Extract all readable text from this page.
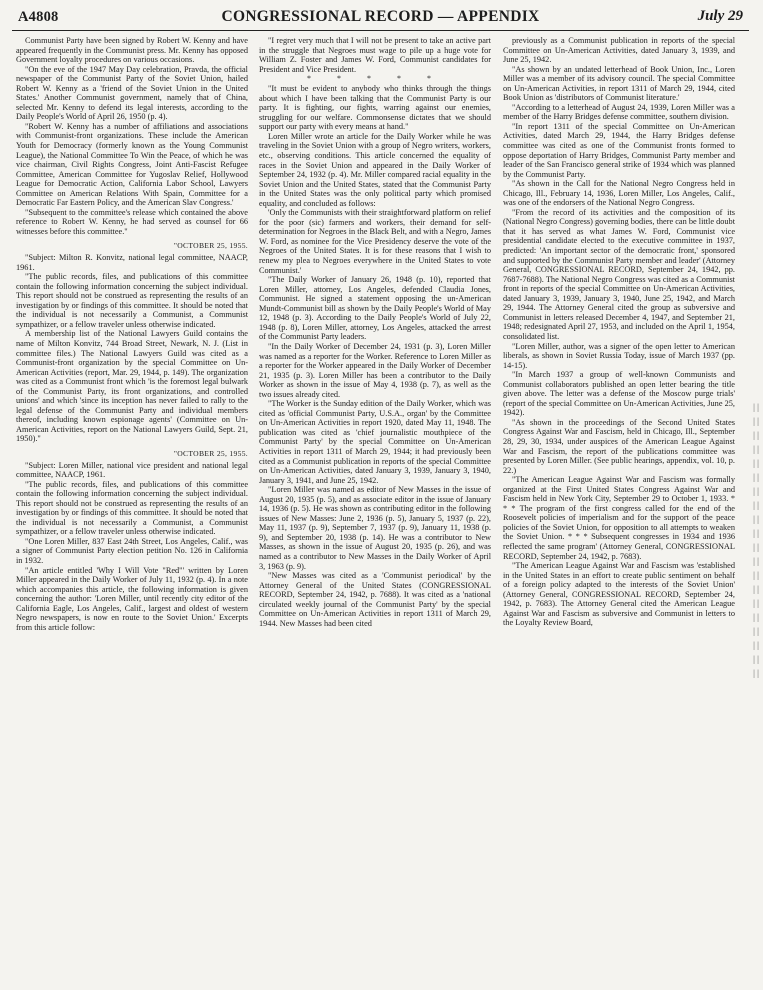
A4808	CONGRESSIONAL RECORD — APPENDIX	July 29

Communist Party have been signed by Robert W. Kenny and have appeared frequently in the Communist press. Mr. Kenny has opposed Government loyalty procedures on various occasions.

"On the eve of the 1947 May Day celebration, Pravda, the official newspaper of the Communist Party of the Soviet Union, hailed Robert W. Kenny as a 'friend of the Soviet Union in the United States.' Another Communist government, namely that of China, selected Mr. Kenny to defend its legal interests, according to the Daily People's World of April 26, 1950 (p. 4).

"Robert W. Kenny has a number of affiliations and associations with Communist-front organizations. These include the American Youth for Democracy (formerly known as the Young Communist League), the National Committee To Win the Peace, of which he was vice chairman, Civil Rights Congress, Joint Anti-Fascist Refugee Committee, American Committee for Yugoslav Relief, Hollywood League for Democratic Action, California Labor School, Lawyers Committee on American Relations With Spain, Committee for a Democratic Far Eastern Policy, and the American Slav Congress.'

"Subsequent to the committee's release which contained the above reference to Robert W. Kenny, he had served as counsel for 66 witnesses before this committee."

"OCTOBER 25, 1955.

"Subject: Milton R. Konvitz, national legal committee, NAACP, 1961.

"The public records, files, and publications of this committee contain the following information concerning the subject individual. This report should not be construed as representing the results of an investigation by or findings of this committee. It should be noted that the individual is not necessarily a Communist, a Communist sympathizer, or a fellow traveler unless otherwise indicated.

A membership list of the National Lawyers Guild contains the name of Milton Konvitz, 744 Broad Street, Newark, N. J. (List in committee files.) The National Lawyers Guild was cited as a Communist-front organization by the special Committee on Un-American Activities (report, Mar. 29, 1944, p. 149). The organization was cited as a Communist front which 'is the foremost legal bulwark of the Communist Party, its front organizations, and controlled unions' and which 'since its inception has never failed to rally to the legal defense of the Communist Party and individual members thereof, including known espionage agents' (Committee on Un-American Activities, report on the National Lawyers Guild, Sept. 21, 1950)."

"OCTOBER 25, 1955.

"Subject: Loren Miller, national vice president and national legal committee, NAACP, 1961.

"The public records, files, and publications of this committee contain the following information concerning the subject individual. This report should not be construed as representing the results of an investigation by or findings of this committee. It should be noted that the individual is not necessarily a Communist, a Communist sympathizer, or a fellow traveler unless otherwise indicated.

"One Loren Miller, 837 East 24th Street, Los Angeles, Calif., was a signer of Communist Party election petition No. 126 in California in 1932.

"An article entitled 'Why I Will Vote "Red"' written by Loren Miller appeared in the Daily Worker of July 11, 1932 (p. 4). In a note which accompanies this article, the following information is given concerning the author: 'Loren Miller, until recently city editor of the California Eagle, Los Angeles, Calif., largest and oldest of western Negro newspapers, is now en route to the Soviet Union.' Excerpts from this article follow:

"I regret very much that I will not be present to take an active part in the struggle that Negroes must wage to pile up a huge vote for William Z. Foster and James W. Ford, Communist candidates for President and Vice President.

* * * * *

"It must be evident to anybody who thinks through the things about which I have been talking that the Communist Party is our party. It is fighting, our fights, warring against our enemies, struggling for our welfare. Commonsense dictates that we should support our party with every means at hand."

Loren Miller wrote an article for the Daily Worker while he was traveling in the Soviet Union with a group of Negro writers, workers, etc., observing conditions. This article concerned the equality of races in the Soviet Union and appeared in the Daily Worker of September 24, 1932 (p. 4). Mr. Miller compared racial equality in the Soviet Union and the United States, stated that the Communist Party in the United States was the only political party which promised equality, and concluded as follows:

'Only the Communists with their straightforward platform on relief for the poor (sic) farmers and workers, their demand for self-determination for Negroes in the Black Belt, and with a Negro, James W. Ford, as nominee for the Vice Presidency deserve the vote of the Negroes of the United States. It is for these reasons that I wish to renew my plea to Negroes everywhere in the United States to vote Communist.'

"The Daily Worker of January 26, 1948 (p. 10), reported that Loren Miller, attorney, Los Angeles, defended Claudia Jones, Communist. He signed a statement opposing the un-American Mundt-Communist bill as shown by the Daily People's World of May 12, 1948 (p. 3). According to the Daily People's World of July 22, 1948 (p. 8), Loren Miller, attorney, Los Angeles, attacked the arrest of the Communist Party leaders.

"In the Daily Worker of December 24, 1931 (p. 3), Loren Miller was named as a reporter for the Worker. Reference to Loren Miller as a reporter for the Worker appeared in the Daily Worker of December 21, 1935 (p. 3). Loren Miller has been a contributor to the Daily Worker as shown in the issue of May 4, 1938 (p. 7), as well as the two issues already cited.

"The Worker is the Sunday edition of the Daily Worker, which was cited as 'official Communist Party, U.S.A., organ' by the Committee on Un-American Activities in report 1920, dated May 11, 1948. The publication was cited as 'chief journalistic mouthpiece of the Communist Party' by the special Committee on Un-American Activities in report 1311 of March 29, 1944; it had previously been cited as a Communist publication in reports of the special Committee on Un-American Activities, dated January 3, 1939, January 3, 1940, January 3, 1941, and June 25, 1942.

"Loren Miller was named as editor of New Masses in the issue of August 20, 1935 (p. 5), and as associate editor in the issue of January 14, 1936 (p. 5). He was shown as contributing editor in the following issues of New Masses: June 2, 1936 (p. 5), January 5, 1937 (p. 22), May 11, 1937 (p. 9), September 7, 1937 (p. 9), January 11, 1938 (p. 9), and September 20, 1938 (p. 14). He was a contributor to New Masses, as shown in the issue of August 20, 1935 (p. 26), and was named as a contributor to New Masses in the Daily Worker of April 3, 1963 (p. 9).

"New Masses was cited as a 'Communist periodical' by the Attorney General of the United States (CONGRESSIONAL RECORD, September 24, 1942, p. 7688). It was cited as a 'national circulated weekly journal of the Communist Party' by the special Committee on Un-American Activities in report 1311 of March 29, 1944. New Masses had been cited

previously as a Communist publication in reports of the special Committee on Un-American Activities, dated January 3, 1939, and June 25, 1942.

"As shown by an undated letterhead of Book Union, Inc., Loren Miller was a member of its advisory council. The special Committee on Un-American Activities, in report 1311 of March 29, 1944, cited Book Union as 'distributors of Communist literature.'

"According to a letterhead of August 24, 1939, Loren Miller was a member of the Harry Bridges defense committee, southern division.

"In report 1311 of the special Committee on Un-American Activities, dated March 29, 1944, the Harry Bridges defense committee was cited as one of the Communist fronts formed to oppose deportation of Harry Bridges, Communist Party member and leader of the San Francisco general strike of 1934 which was planned by the Communist Party.

"As shown in the Call for the National Negro Congress held in Chicago, Ill., February 14, 1936, Loren Miller, Los Angeles, Calif., was one of the endorsers of the National Negro Congress.

"From the record of its activities and the composition of its (National Negro Congress) governing bodies, there can be little doubt that it has served as what James W. Ford, Communist vice presidential candidate elected to the executive committee in 1937, predicted: 'An important sector of the democratic front,' sponsored and supported by the Communist Party member and leader' (Attorney General, CONGRESSIONAL RECORD, September 24, 1942, pp. 7687-7688). The National Negro Congress was cited as a Communist front in reports of the special Committee on Un-American Activities, dated January 3, 1939, January 3, 1940, June 25, 1942, and March 29, 1944. The Attorney General cited the group as subversive and Communist in letters released December 4, 1947, and September 21, 1948; redesignated April 27, 1953, and included on the April 1, 1954, consolidated list.

"Loren Miller, author, was a signer of the open letter to American liberals, as shown in Soviet Russia Today, issue of March 1937 (pp. 14-15).

"In March 1937 a group of well-known Communists and Communist collaborators published an open letter bearing the title given above. The letter was a defense of the Moscow purge trials' (report of the special Committee on Un-American Activities, June 25, 1942).

"As shown in the proceedings of the Second United States Congress Against War and Fascism, held in Chicago, Ill., September 28, 29, 30, 1934, under auspices of the American League Against War and Fascism, the report of the publications committee was presented by Loren Miller. (See public hearings, appendix, vol. 10, p. 22.)

"The American League Against War and Fascism was formally organized at the First United States Congress Against War and Fascism held in New York City, September 29 to October 1, 1933. * * * The program of the first congress called for the end of the Roosevelt policies of imperialism and for the support of the peace policies of the Soviet Union, for opposition to all attempts to weaken the Soviet Union. * * * Subsequent congresses in 1934 and 1936 reflected the same program' (Attorney General, CONGRESSIONAL RECORD, September 24, 1942, p. 7683).

"The American League Against War and Fascism was 'established in the United States in an effort to create public sentiment on behalf of a foreign policy adapted to the interests of the Soviet Union' (Attorney General, CONGRESSIONAL RECORD, September 24, 1942, p. 7683). The Attorney General cited the American League Against War and Fascism as subversive and Communist in letters to the Loyalty Review Board,

| | | | | | | | | | | | | | | | | | | | | | | | | | | | | | | | | | | | | | | |
